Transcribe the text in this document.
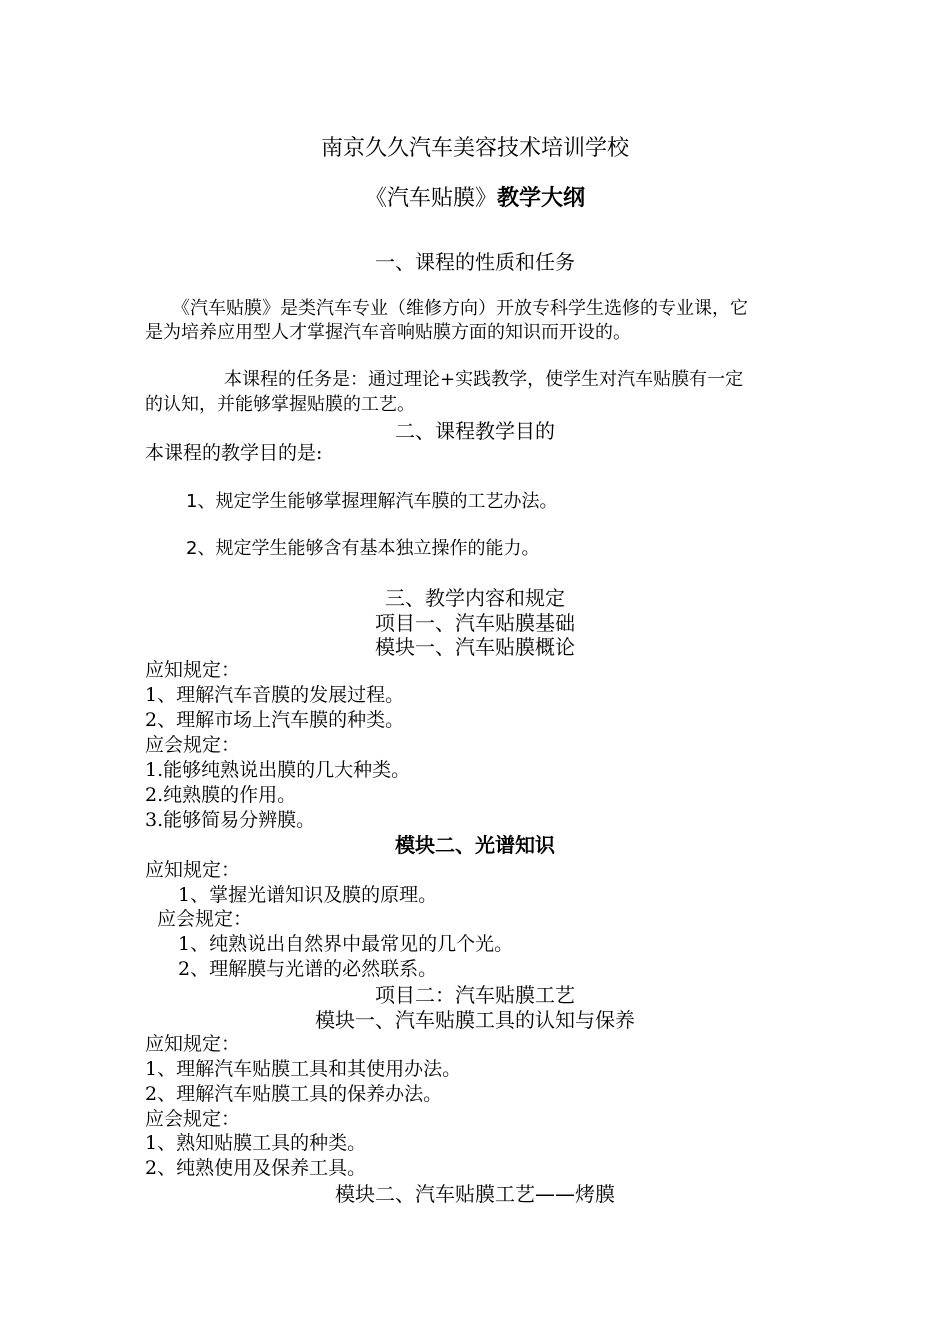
南京久久汽车美容技术培训学校
《汽车贴膜》教学大纲
一、课程的性质和任务
《汽车贴膜》是类汽车专业（维修方向）开放专科学生选修的专业课，它
是为培养应用型人才掌握汽车音响贴膜方面的知识而开设的。
本课程的任务是：通过理论+实践教学，使学生对汽车贴膜有一定
的认知，并能够掌握贴膜的工艺。
二、课程教学目的
本课程的教学目的是:
1、规定学生能够掌握理解汽车膜的工艺办法。
2、规定学生能够含有基本独立操作的能力。
三、教学内容和规定
项目一、汽车贴膜基础
模块一、汽车贴膜概论
应知规定：
1、理解汽车音膜的发展过程。
2、理解市场上汽车膜的种类。
应会规定：
1.能够纯熟说出膜的几大种类。
2.纯熟膜的作用。
3.能够简易分辨膜。
模块二、光谱知识
应知规定：
1、掌握光谱知识及膜的原理。
应会规定：
1、纯熟说出自然界中最常见的几个光。
2、理解膜与光谱的必然联系。
项目二：汽车贴膜工艺
模块一、汽车贴膜工具的认知与保养
应知规定：
1、理解汽车贴膜工具和其使用办法。
2、理解汽车贴膜工具的保养办法。
应会规定：
1、熟知贴膜工具的种类。
2、纯熟使用及保养工具。
模块二、汽车贴膜工艺——烤膜
